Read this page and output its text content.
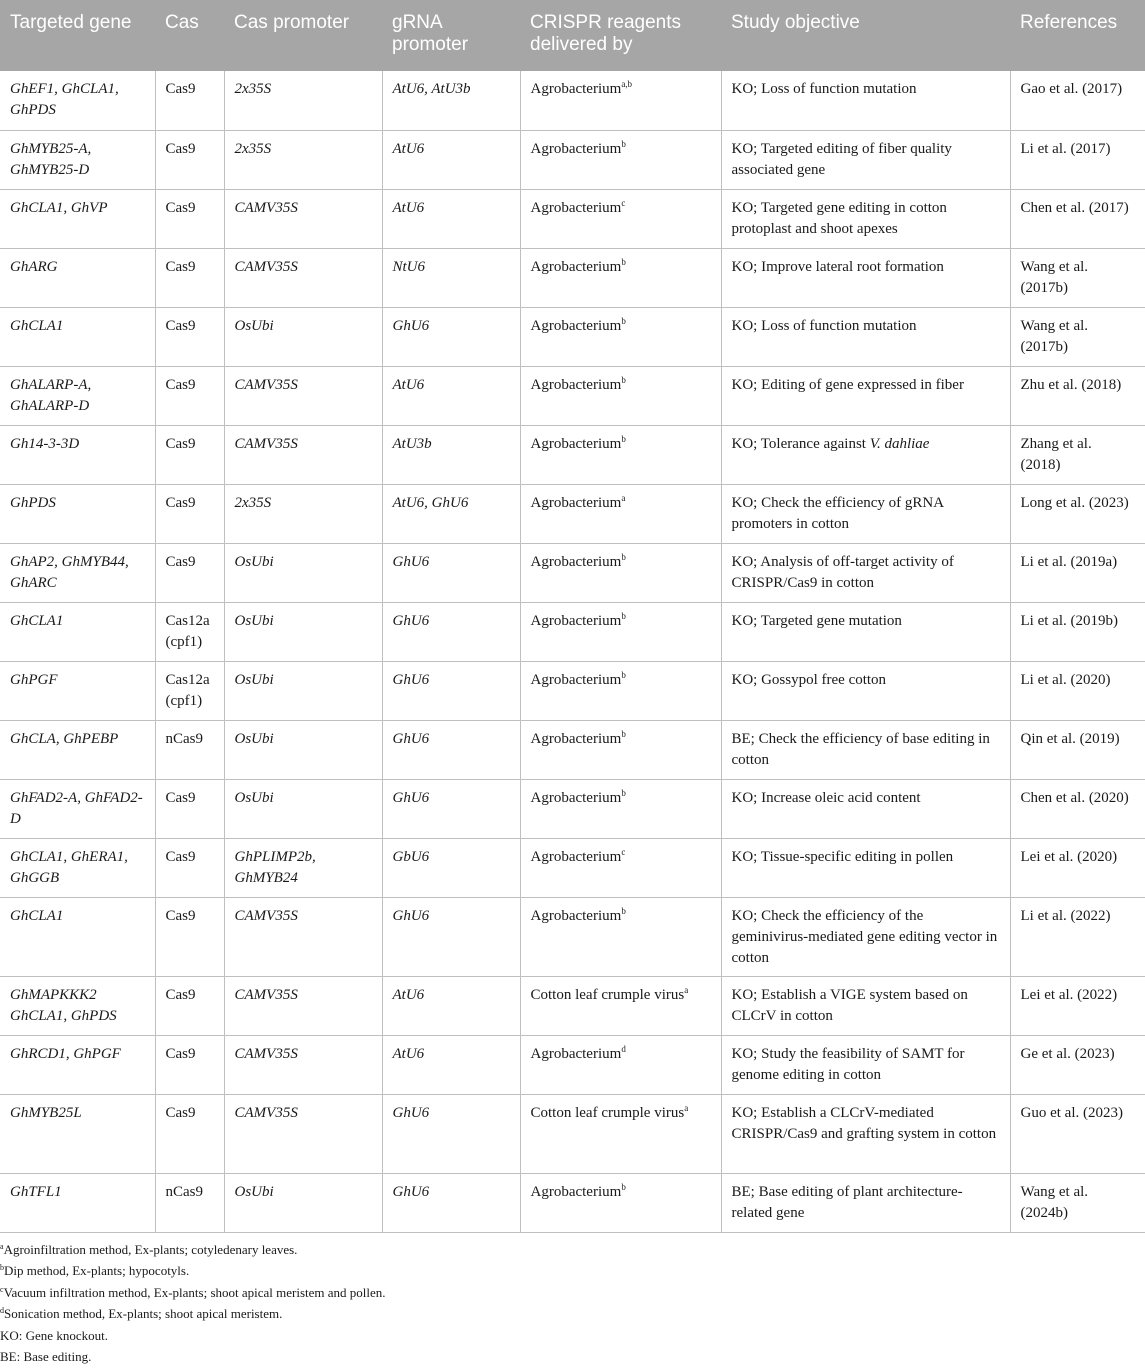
Targeted gene	Cas	Cas promoter	gRNA promoter	CRISPR reagents delivered by	Study objective	References
GhEF1, GhCLA1, GhPDS	Cas9	2x35S	AtU6, AtU3b	Agrobacterium$^{a,b}$	KO; Loss of function mutation	Gao et al. (2017)
GhMYB25-A, GhMYB25-D	Cas9	2x35S	AtU6	Agrobacterium$^b$	KO; Targeted editing of fiber quality associated gene	Li et al. (2017)
GhCLA1, GhVP	Cas9	CAMV35S	AtU6	Agrobacterium$^c$	KO; Targeted gene editing in cotton protoplast and shoot apexes	Chen et al. (2017)
GhARG	Cas9	CAMV35S	NtU6	Agrobacterium$^b$	KO; Improve lateral root formation	Wang et al. (2017b)
GhCLA1	Cas9	OsUbi	GhU6	Agrobacterium$^b$	KO; Loss of function mutation	Wang et al. (2017b)
GhALARP-A, GhALARP-D	Cas9	CAMV35S	AtU6	Agrobacterium$^b$	KO; Editing of gene expressed in fiber	Zhu et al. (2018)
Gh14-3-3D	Cas9	CAMV35S	AtU3b	Agrobacterium$^b$	KO; Tolerance against V. dahliae	Zhang et al. (2018)
GhPDS	Cas9	2x35S	AtU6, GhU6	Agrobacterium$^a$	KO; Check the efficiency of gRNA promoters in cotton	Long et al. (2023)
GhAP2, GhMYB44, GhARC	Cas9	OsUbi	GhU6	Agrobacterium$^b$	KO; Analysis of off-target activity of CRISPR/Cas9 in cotton	Li et al. (2019a)
GhCLA1	Cas12a (cpf1)	OsUbi	GhU6	Agrobacterium$^b$	KO; Targeted gene mutation	Li et al. (2019b)
GhPGF	Cas12a (cpf1)	OsUbi	GhU6	Agrobacterium$^b$	KO; Gossypol free cotton	Li et al. (2020)
GhCLA, GhPEBP	nCas9	OsUbi	GhU6	Agrobacterium$^b$	BE; Check the efficiency of base editing in cotton	Qin et al. (2019)
GhFAD2-A, GhFAD2-D	Cas9	OsUbi	GhU6	Agrobacterium$^b$	KO; Increase oleic acid content	Chen et al. (2020)
GhCLA1, GhERA1, GhGGB	Cas9	GhPLIMP2b, GhMYB24	GbU6	Agrobacterium$^c$	KO; Tissue-specific editing in pollen	Lei et al. (2020)
GhCLA1	Cas9	CAMV35S	GhU6	Agrobacterium$^b$	KO; Check the efficiency of the geminivirus-mediated gene editing vector in cotton	Li et al. (2022)
GhMAPKKK2 GhCLA1, GhPDS	Cas9	CAMV35S	AtU6	Cotton leaf crumple virus$^a$	KO; Establish a VIGE system based on CLCrV in cotton	Lei et al. (2022)
GhRCD1, GhPGF	Cas9	CAMV35S	AtU6	Agrobacterium$^d$	KO; Study the feasibility of SAMT for genome editing in cotton	Ge et al. (2023)
GhMYB25L	Cas9	CAMV35S	GhU6	Cotton leaf crumple virus$^a$	KO; Establish a CLCrV-mediated CRISPR/Cas9 and grafting system in cotton	Guo et al. (2023)
GhTFL1	nCas9	OsUbi	GhU6	Agrobacterium$^b$	BE; Base editing of plant architecture-related gene	Wang et al. (2024b)
$^a$Agroinfiltration method, Ex-plants; cotyledenary leaves.
$^b$Dip method, Ex-plants; hypocotyls.
$^c$Vacuum infiltration method, Ex-plants; shoot apical meristem and pollen.
$^d$Sonication method, Ex-plants; shoot apical meristem.
KO: Gene knockout.
BE: Base editing.
